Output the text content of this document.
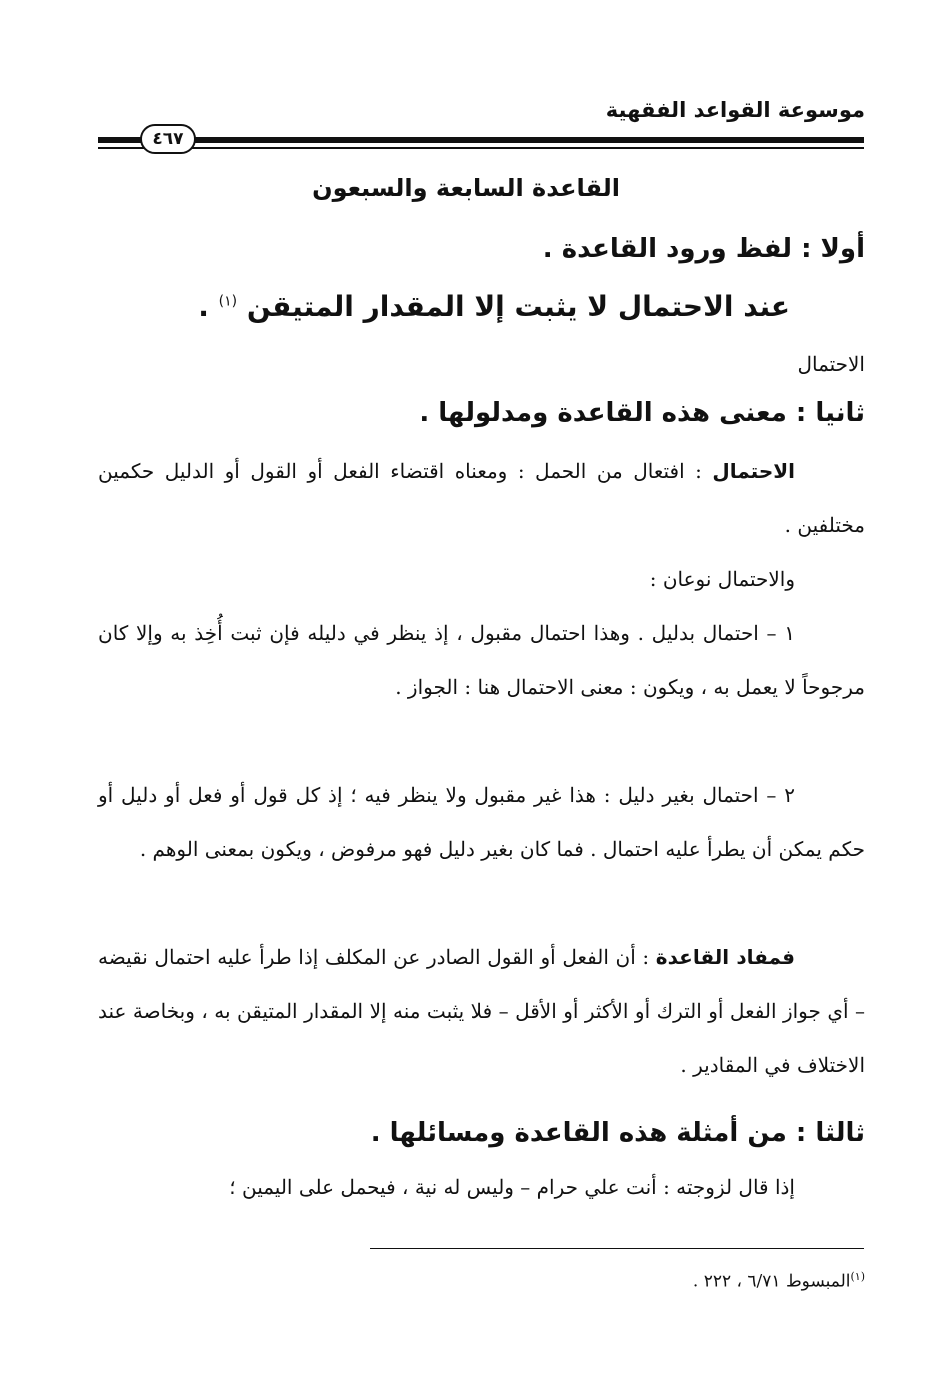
موسوعة القواعد الفقهية

٤٦٧
القاعدة السابعة والسبعون
أولا : لفظ ورود القاعدة .

عند الاحتمال لا يثبت إلا المقدار المتيقن $^{(١)}$ .

الاحتمال

ثانيا : معنى هذه القاعدة ومدلولها .

الاحتمال : افتعال من الحمل : ومعناه اقتضاء الفعل أو القول أو الدليل حكمين مختلفين .

والاحتمال نوعان :

١ – احتمال بدليل . وهذا احتمال مقبول ، إذ ينظر في دليله فإن ثبت أُخِذ به وإلا كان مرجوحاً لا يعمل به ، ويكون : معنى الاحتمال هنا : الجواز .

٢ – احتمال بغير دليل : هذا غير مقبول ولا ينظر فيه ؛ إذ كل قول أو فعل أو دليل أو حكم يمكن أن يطرأ عليه احتمال . فما كان بغير دليل فهو مرفوض ، ويكون بمعنى الوهم .

فمفاد القاعدة : أن الفعل أو القول الصادر عن المكلف إذا طرأ عليه احتمال نقيضه – أي جواز الفعل أو الترك أو الأكثر أو الأقل – فلا يثبت منه إلا المقدار المتيقن به ، وبخاصة عند الاختلاف في المقادير .

ثالثا : من أمثلة هذه القاعدة ومسائلها .

إذا قال لزوجته : أنت علي حرام – وليس له نية ، فيحمل على اليمين ؛

$^{(١)}$المبسوط ٦/٧١ ، ٢٢٢ .
